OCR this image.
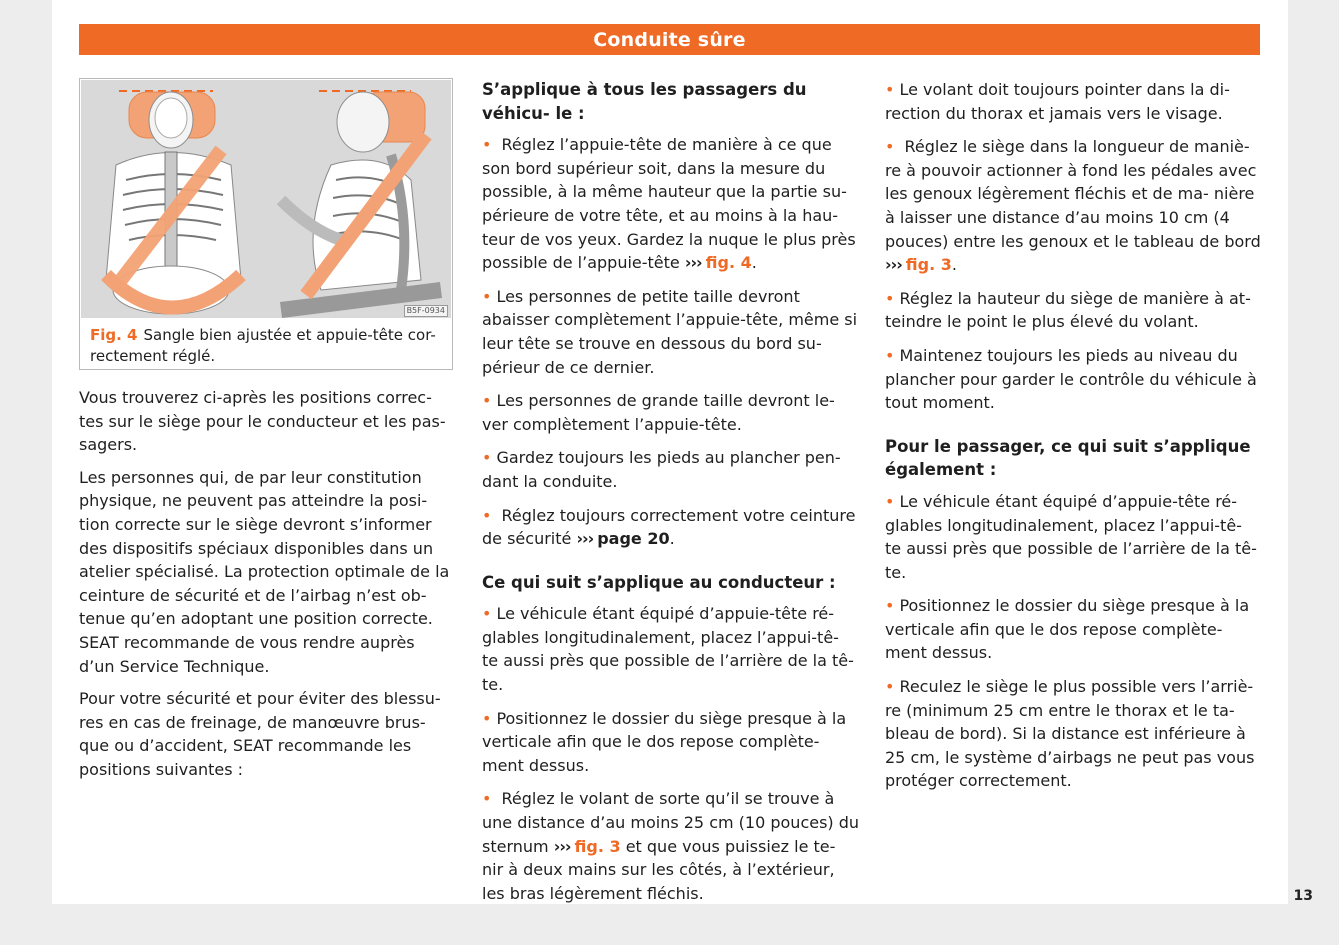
Conduite sûre
B5F-0934
Fig. 4 Sangle bien ajustée et appuie-tête cor- rectement réglé.

Vous trouverez ci-après les positions correc- tes sur le siège pour le conducteur et les pas- sagers.

Les personnes qui, de par leur constitution physique, ne peuvent pas atteindre la posi- tion correcte sur le siège devront s’informer des dispositifs spéciaux disponibles dans un atelier spécialisé. La protection optimale de la ceinture de sécurité et de l’airbag n’est ob- tenue qu’en adoptant une position correcte. SEAT recommande de vous rendre auprès d’un Service Technique.

Pour votre sécurité et pour éviter des blessu- res en cas de freinage, de manœuvre brus- que ou d’accident, SEAT recommande les positions suivantes :

S’applique à tous les passagers du véhicu- le :

• Réglez l’appuie-tête de manière à ce que son bord supérieur soit, dans la mesure du possible, à la même hauteur que la partie su- périeure de votre tête, et au moins à la hau- teur de vos yeux. Gardez la nuque le plus près possible de l’appuie-tête ››› fig. 4.

• Les personnes de petite taille devront abaisser complètement l’appuie-tête, même si leur tête se trouve en dessous du bord su- périeur de ce dernier.

• Les personnes de grande taille devront le- ver complètement l’appuie-tête.

• Gardez toujours les pieds au plancher pen- dant la conduite.

• Réglez toujours correctement votre ceinture de sécurité ››› page 20.

Ce qui suit s’applique au conducteur :

• Le véhicule étant équipé d’appuie-tête ré- glables longitudinalement, placez l’appui-tê- te aussi près que possible de l’arrière de la tê- te.

• Positionnez le dossier du siège presque à la verticale afin que le dos repose complète- ment dessus.

• Réglez le volant de sorte qu’il se trouve à une distance d’au moins 25 cm (10 pouces) du sternum ››› fig. 3 et que vous puissiez le te- nir à deux mains sur les côtés, à l’extérieur, les bras légèrement fléchis.

• Le volant doit toujours pointer dans la di- rection du thorax et jamais vers le visage.

• Réglez le siège dans la longueur de maniè- re à pouvoir actionner à fond les pédales avec les genoux légèrement fléchis et de ma- nière à laisser une distance d’au moins 10 cm (4 pouces) entre les genoux et le tableau de bord ››› fig. 3.

• Réglez la hauteur du siège de manière à at- teindre le point le plus élevé du volant.

• Maintenez toujours les pieds au niveau du plancher pour garder le contrôle du véhicule à tout moment.

Pour le passager, ce qui suit s’applique également :

• Le véhicule étant équipé d’appuie-tête ré- glables longitudinalement, placez l’appui-tê- te aussi près que possible de l’arrière de la tê- te.

• Positionnez le dossier du siège presque à la verticale afin que le dos repose complète- ment dessus.

• Reculez le siège le plus possible vers l’arriè- re (minimum 25 cm entre le thorax et le ta- bleau de bord). Si la distance est inférieure à 25 cm, le système d’airbags ne peut pas vous protéger correctement.

13
